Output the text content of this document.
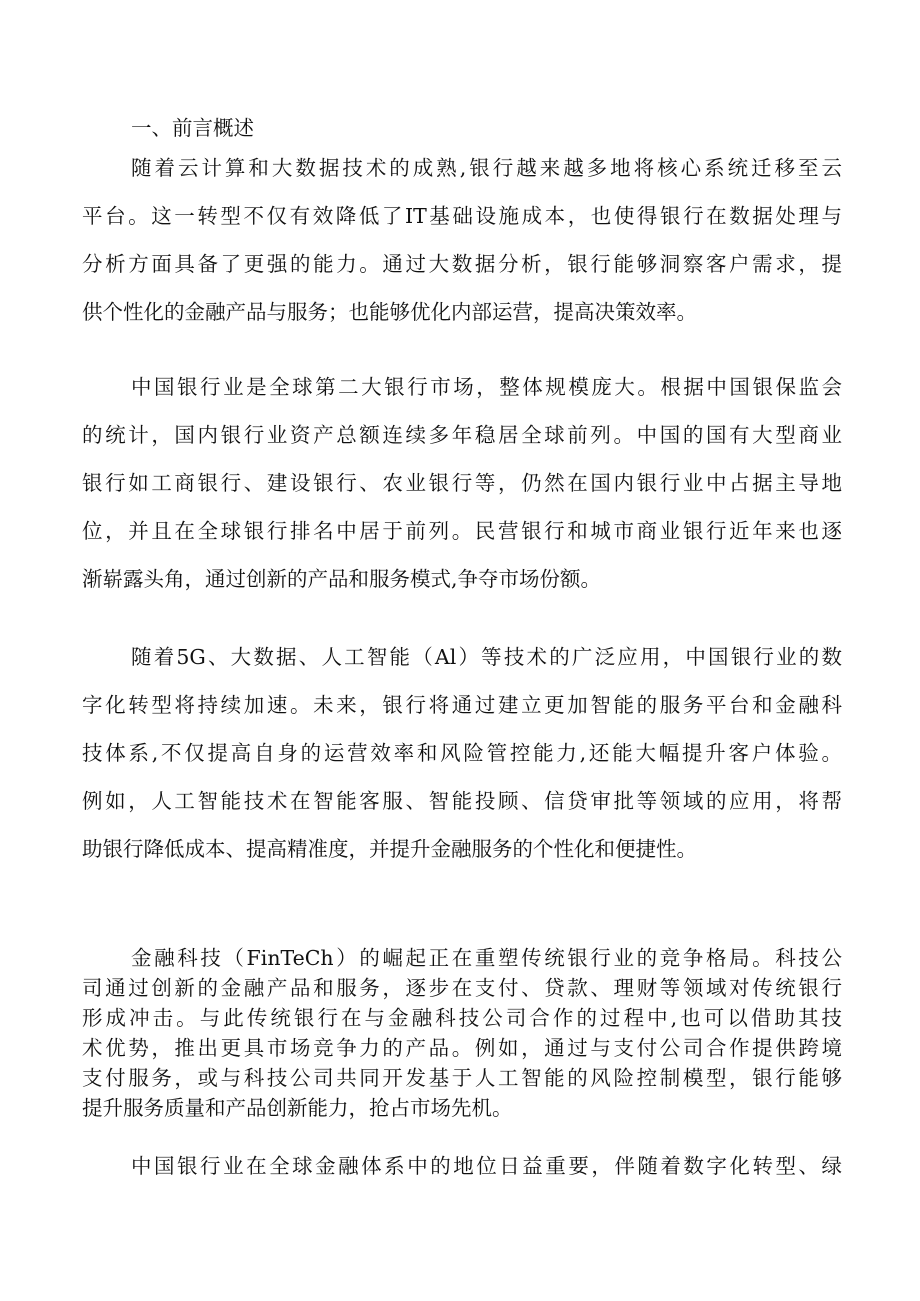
一、前言概述
随着云计算和大数据技术的成熟,银行越来越多地将核心系统迁移至云
平台。这一转型不仅有效降低了IT基础设施成本，也使得银行在数据处理与
分析方面具备了更强的能力。通过大数据分析，银行能够洞察客户需求，提
供个性化的金融产品与服务；也能够优化内部运营，提高决策效率。
中国银行业是全球第二大银行市场，整体规模庞大。根据中国银保监会
的统计，国内银行业资产总额连续多年稳居全球前列。中国的国有大型商业
银行如工商银行、建设银行、农业银行等，仍然在国内银行业中占据主导地
位，并且在全球银行排名中居于前列。民营银行和城市商业银行近年来也逐
渐崭露头角，通过创新的产品和服务模式,争夺市场份额。
随着5G、大数据、人工智能（Al）等技术的广泛应用，中国银行业的数
字化转型将持续加速。未来，银行将通过建立更加智能的服务平台和金融科
技体系,不仅提高自身的运营效率和风险管控能力,还能大幅提升客户体验。
例如，人工智能技术在智能客服、智能投顾、信贷审批等领域的应用，将帮
助银行降低成本、提高精准度，并提升金融服务的个性化和便捷性。
金融科技（FinTeCh）的崛起正在重塑传统银行业的竞争格局。科技公
司通过创新的金融产品和服务，逐步在支付、贷款、理财等领域对传统银行
形成冲击。与此传统银行在与金融科技公司合作的过程中,也可以借助其技
术优势，推出更具市场竞争力的产品。例如，通过与支付公司合作提供跨境
支付服务，或与科技公司共同开发基于人工智能的风险控制模型，银行能够
提升服务质量和产品创新能力，抢占市场先机。
中国银行业在全球金融体系中的地位日益重要，伴随着数字化转型、绿
